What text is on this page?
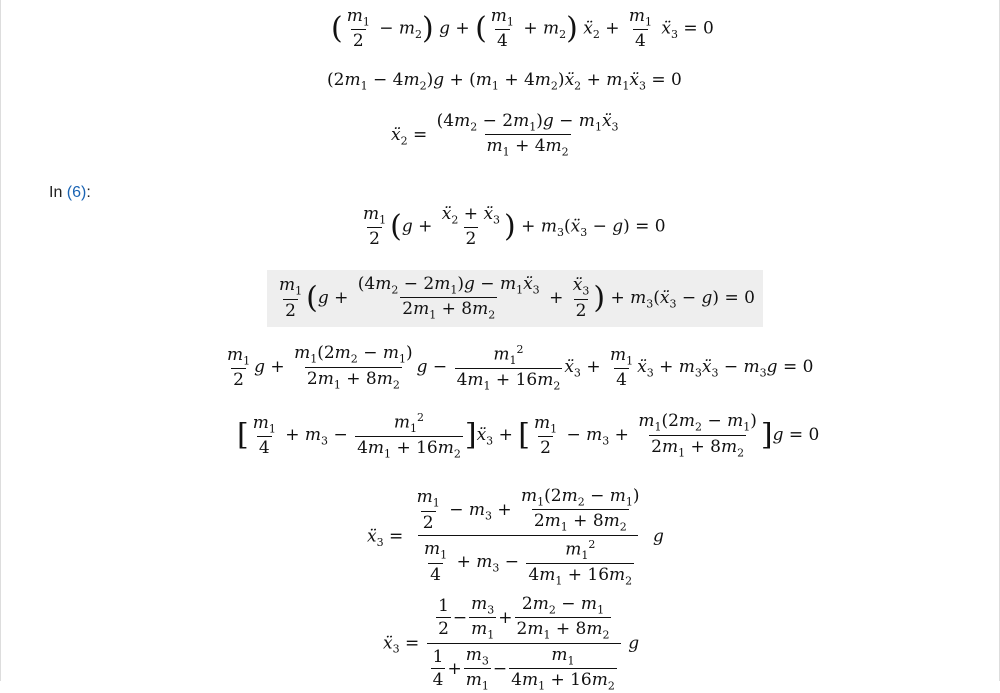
( $\frac{m_1}{2} - m_2$) g + ( $\frac{m_1}{4} + m_2$) ẍ$_2$ + $\frac{m_1}{4}$ ẍ$_3$ = 0
$(2m_1 - 4m_2)g + (m_1$ + $4m_2)ẍ_2$ + $m_1ẍ_3 = 0$
ẍ$_2$ = $\frac{(4m_2 - 2m_1)g - m_1ẍ_3}{m_1 + 4m_2}$
In (6):
$\frac{m_1}{2} (g + \frac{ẍ_2 + ẍ_3}{2}$ ) + $m_3(ẍ_3 - g) = 0$
$\frac{m_1}{2} (g + \frac{(4m_2 - 2m_1)g - m_1ẍ_3}{2m_1 + 8m_2} + \frac{ẍ_3}{2}$ ) + $m_3(ẍ_3 - g) = 0$
$\frac{m_1}{2}$ $g + \frac{m_1(2m_2 - m_1)}{2m_1 + 8m_2}$ $g - \frac{m_1^2}{4m_1 + 16m_2}$ ẍ$_3$ + $\frac{m_1}{4}$ ẍ$_3$ + $m_3ẍ_3 - m_3g = 0$
[ $\frac{m_1}{4} + m_3 - \frac{m_1^2}{4m_1 + 16m_2}$ ]ẍ$_3$ + [ $\frac{m_1}{2} - m_3 + \frac{m_1(2m_2 - m_1)}{2m_1 + 8m_2} ]g = 0$
ẍ$_3$ = $\frac{\frac{m_1}{2} - m_3 + \frac{m_1(2m_2 - m_1)}{2m_1 + 8m_2}}{\frac{m_1}{4} + m_3 - \frac{m_1^2}{4m_1 + 16m_2}}$ g
ẍ$_3$ = $\frac{\frac{1}{2} - \frac{m_3}{m_1} + \frac{2m_2 - m_1}{2m_1 + 8m_2}}{\frac{1}{4} + \frac{m_3}{m_1} - \frac{m_1}{4m_1 + 16m_2}}$ g
